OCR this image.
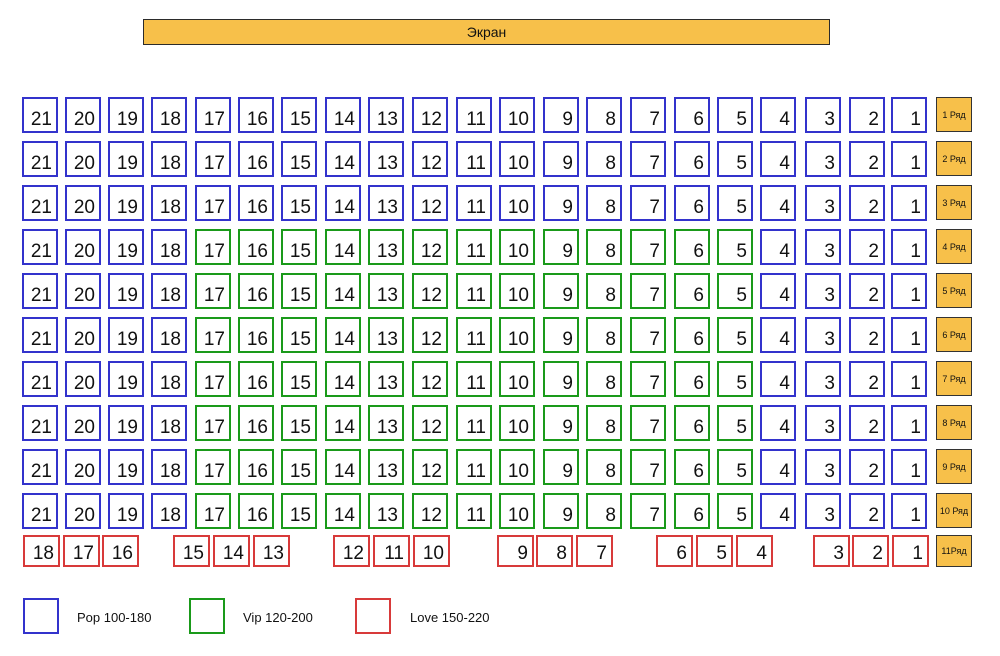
Экран
21	20	19	18	17	16	15	14	13	12	11	10	9	8	7	6	5	4	3	2	1	1 Ряд
21	20	19	18	17	16	15	14	13	12	11	10	9	8	7	6	5	4	3	2	1	2 Ряд
21	20	19	18	17	16	15	14	13	12	11	10	9	8	7	6	5	4	3	2	1	3 Ряд
21	20	19	18	17	16	15	14	13	12	11	10	9	8	7	6	5	4	3	2	1	4 Ряд
21	20	19	18	17	16	15	14	13	12	11	10	9	8	7	6	5	4	3	2	1	5 Ряд
21	20	19	18	17	16	15	14	13	12	11	10	9	8	7	6	5	4	3	2	1	6 Ряд
21	20	19	18	17	16	15	14	13	12	11	10	9	8	7	6	5	4	3	2	1	7 Ряд
21	20	19	18	17	16	15	14	13	12	11	10	9	8	7	6	5	4	3	2	1	8 Ряд
21	20	19	18	17	16	15	14	13	12	11	10	9	8	7	6	5	4	3	2	1	9 Ряд
21	20	19	18	17	16	15	14	13	12	11	10	9	8	7	6	5	4	3	2	1	10 Ряд
18 17 16	15 14 13	12	11 10	9	8	7	6	5	4	3	2	1	11Ряд
Pop 100-180	Vip 120-200	Love 150-220
